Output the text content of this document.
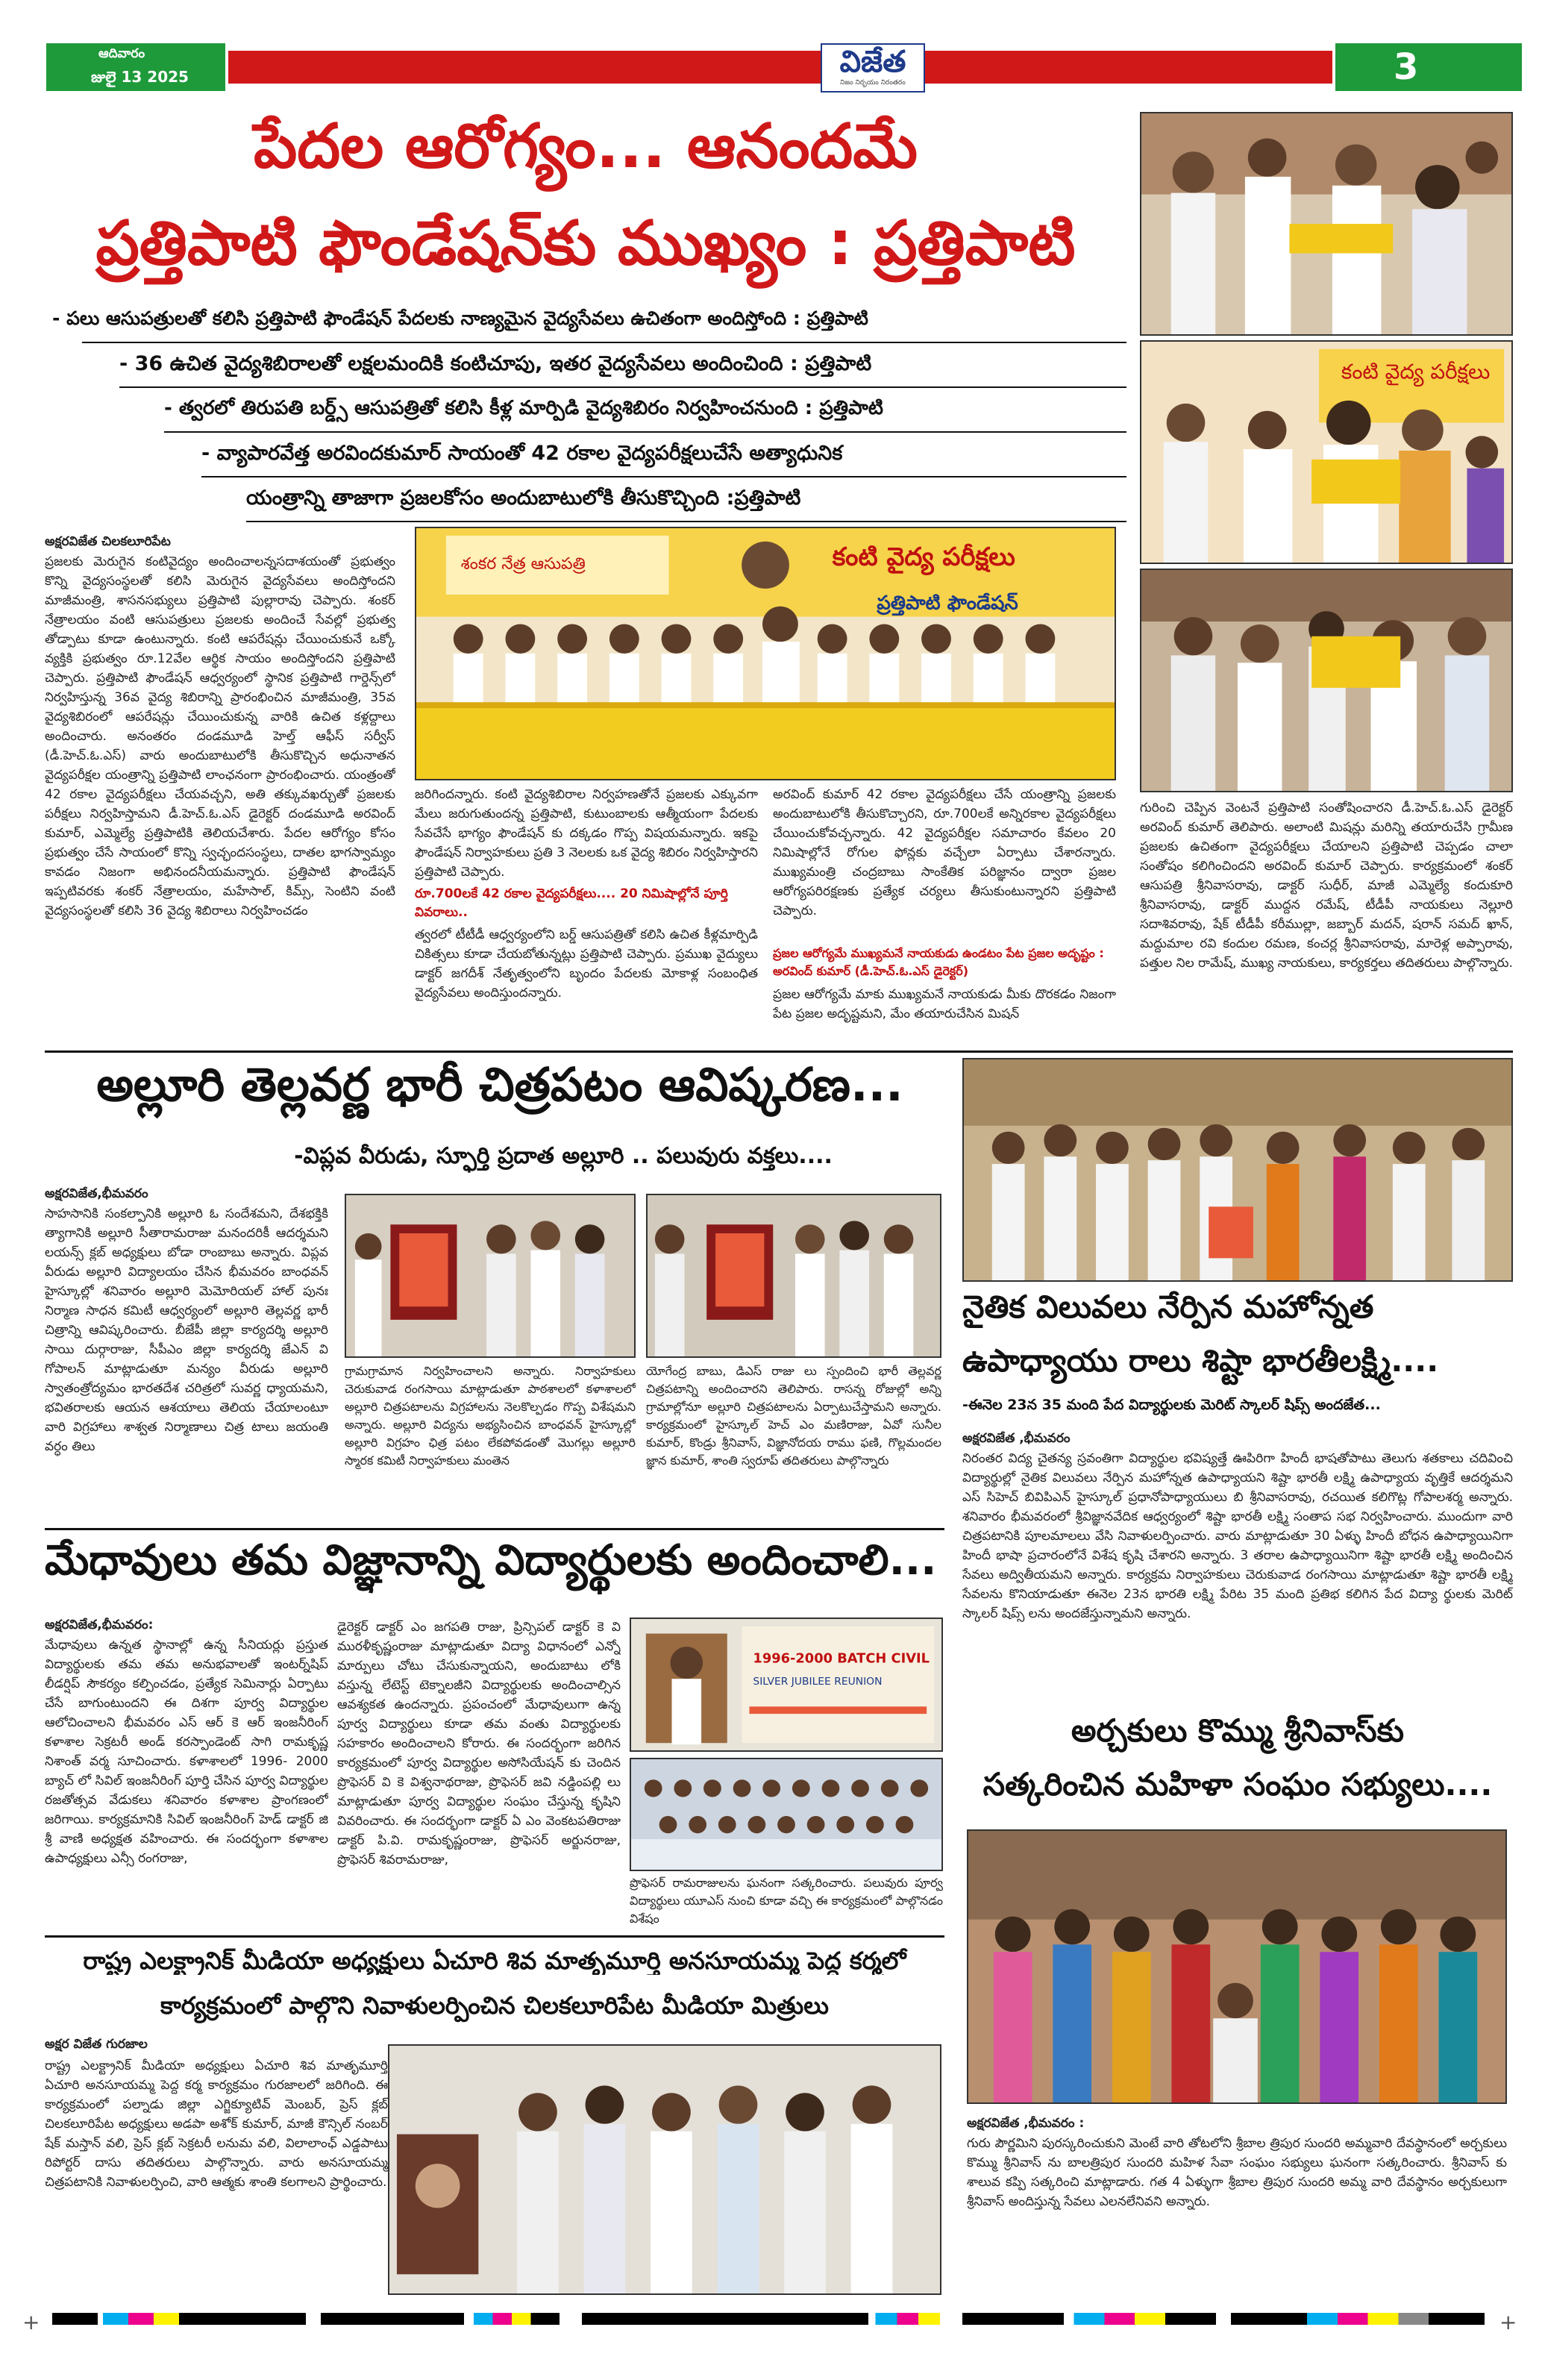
ఆదివారం
జులై 13 2025	విజేత
నిజం నిర్భయం నిరంతరం	3
పేదల ఆరోగ్యం... ఆనందమే
ప్రత్తిపాటి ఫౌండేషన్‌కు ముఖ్యం : ప్రత్తిపాటి
- పలు ఆసుపత్రులతో కలిసి ప్రత్తిపాటి ఫౌండేషన్ పేదలకు నాణ్యమైన వైద్యసేవలు ఉచితంగా అందిస్తోంది : ప్రత్తిపాటి
- 36 ఉచిత వైద్యశిబిరాలతో లక్షలమందికి కంటిచూపు, ఇతర వైద్యసేవలు అందించింది : ప్రత్తిపాటి
- త్వరలో తిరుపతి బర్డ్స్ ఆసుపత్రితో కలిసి కీళ్ల మార్పిడి వైద్యశిబిరం నిర్వహించనుంది : ప్రత్తిపాటి
- వ్యాపారవేత్త అరవిందకుమార్ సాయంతో 42 రకాల వైద్యపరీక్షలుచేసే అత్యాధునిక
యంత్రాన్ని తాజాగా ప్రజలకోసం అందుబాటులోకి తీసుకొచ్చింది :ప్రత్తిపాటి
కంటి వైద్య పరీక్షలు
అక్షరవిజేత చిలకలూరిపేట
ప్రజలకు మెరుగైన కంటివైద్యం అందించాలన్నసదాశయంతో ప్రభుత్వం కొన్ని వైద్యసంస్థలతో కలిసి మెరుగైన వైద్యసేవలు అందిస్తోందని మాజీమంత్రి, శాసనసభ్యులు ప్రత్తిపాటి పుల్లారావు చెప్పారు. శంకర్ నేత్రాలయం వంటి ఆసుపత్రులు ప్రజలకు అందించే సేవల్లో ప్రభుత్వ తోడ్పాటు కూడా ఉంటున్నారు. కంటి ఆపరేషన్లు చేయించుకునే ఒక్కో వ్యక్తికి ప్రభుత్వం రూ.12వేల ఆర్థిక సాయం అందిస్తోందని ప్రత్తిపాటి చెప్పారు. ప్రత్తిపాటి ఫౌండేషన్ ఆధ్వర్యంలో స్థానిక ప్రత్తిపాటి గార్డెన్స్‌లో నిర్వహిస్తున్న 36వ వైద్య శిబిరాన్ని ప్రారంభించిన మాజీమంత్రి, 35వ వైద్యశిబిరంలో ఆపరేషన్లు చేయించుకున్న వారికి ఉచిత కళ్లద్దాలు అందించారు. అనంతరం దండమూడి హెల్త్ ఆఫీస్ సర్వీస్ (డీ.హెచ్.ఓ.ఎస్) వారు అందుబాటులోకి తీసుకొచ్చిన అధునాతన వైద్యపరీక్షల యంత్రాన్ని ప్రత్తిపాటి లాంఛనంగా ప్రారంభించారు. యంత్రంతో 42 రకాల వైద్యపరీక్షలు చేయవచ్చని, అతి తక్కువఖర్చుతో ప్రజలకు పరీక్షలు నిర్వహిస్తామని డీ.హెచ్.ఓ.ఎస్ డైరెక్టర్ దండమూడి అరవింద్ కుమార్, ఎమ్మెల్యే ప్రత్తిపాటికి తెలియచేశారు. పేదల ఆరోగ్యం కోసం ప్రభుత్వం చేసే సాయంలో కొన్ని స్వచ్ఛందసంస్థలు, దాతల భాగస్వామ్యం కావడం నిజంగా అభినందనీయమన్నారు. ప్రత్తిపాటి ఫౌండేషన్ ఇప్పటివరకు శంకర్ నేత్రాలయం, మహేసాల్, కిమ్స్, సెంటిని వంటి వైద్యసంస్థలతో కలిసి 36 వైద్య శిబిరాలు నిర్వహించడం
శంకర నేత్ర ఆసుపత్రి	కంటి వైద్య పరీక్షలు
ప్రత్తిపాటి ఫౌండేషన్
జరిగిందన్నారు. కంటి వైద్యశిబిరాల నిర్వహణతోనే ప్రజలకు ఎక్కువగా మేలు జరుగుతుందన్న ప్రత్తిపాటి, కుటుంబాలకు ఆత్మీయంగా పేదలకు సేవచేసే భాగ్యం ఫౌండేషన్ కు దక్కడం గొప్ప విషయమన్నారు. ఇకపై ఫౌండేషన్ నిర్వాహకులు ప్రతి 3 నెలలకు ఒక వైద్య శిబిరం నిర్వహిస్తారని ప్రత్తిపాటి చెప్పారు.
రూ.700లకే 42 రకాల వైద్యపరీక్షలు.... 20 నిమిషాల్లోనే పూర్తి వివరాలు..
త్వరలో టీటీడీ ఆధ్వర్యంలోని బర్డ్ ఆసుపత్రితో కలిసి ఉచిత కీళ్లమార్పిడి చికిత్సలు కూడా చేయబోతున్నట్లు ప్రత్తిపాటి చెప్పారు. ప్రముఖ వైద్యులు డాక్టర్ జగదీశ్ నేతృత్వంలోని బృందం పేదలకు మోకాళ్ల సంబంధిత వైద్యసేవలు అందిస్తుందన్నారు.
అరవింద్ కుమార్ 42 రకాల వైద్యపరీక్షలు చేసే యంత్రాన్ని ప్రజలకు అందుబాటులోకి తీసుకొచ్చారని, రూ.700లకే అన్నిరకాల వైద్యపరీక్షలు చేయించుకోవచ్చన్నారు. 42 వైద్యపరీక్షల సమాచారం కేవలం 20 నిమిషాల్లోనే రోగుల ఫోన్లకు వచ్చేలా ఏర్పాటు చేశారన్నారు. ముఖ్యమంత్రి చంద్రబాబు సాంకేతిక పరిజ్ఞానం ద్వారా ప్రజల ఆరోగ్యపరిరక్షణకు ప్రత్యేక చర్యలు తీసుకుంటున్నారని ప్రత్తిపాటి చెప్పారు.
ప్రజల ఆరోగ్యమే ముఖ్యమనే నాయకుడు ఉండటం పేట ప్రజల అదృష్టం : అరవింద్ కుమార్ (డీ.హెచ్.ఓ.ఎస్ డైరెక్టర్)
ప్రజల ఆరోగ్యమే మాకు ముఖ్యమనే నాయకుడు మీకు దొరకడం నిజంగా పేట ప్రజల అదృష్టమని, మేం తయారుచేసిన మిషన్
గురించి చెప్పిన వెంటనే ప్రత్తిపాటి సంతోషించారని డీ.హెచ్.ఓ.ఎస్ డైరెక్టర్ అరవింద్ కుమార్ తెలిపారు. అలాంటి మిషన్లు మరిన్ని తయారుచేసి గ్రామీణ ప్రజలకు ఉచితంగా వైద్యపరీక్షలు చేయాలని ప్రత్తిపాటి చెప్పడం చాలా సంతోషం కలిగించిందని అరవింద్ కుమార్ చెప్పారు. కార్యక్రమంలో శంకర్ ఆసుపత్రి శ్రీనివాసరావు, డాక్టర్ సుధీర్, మాజీ ఎమ్మెల్యే కందుకూరి శ్రీనివాసరావు, డాక్టర్ ముద్దన రమేష్, టీడీపీ నాయకులు నెల్లూరి సదాశివరావు, షేక్ టీడీపీ కరీముల్లా, జబ్బార్ మదన్, షరాన్ సమద్ ఖాన్, మద్దుమాల రవి కందుల రమణ, కంచర్ల శ్రీనివాసరావు, మారెళ్ల అప్పారావు, పత్తుల నిల రామేష్, ముఖ్య నాయకులు, కార్యకర్తలు తదితరులు పాల్గొన్నారు.
అల్లూరి తెల్లవర్ణ భారీ చిత్రపటం ఆవిష్కరణ...
-విప్లవ వీరుడు, స్ఫూర్తి ప్రదాత అల్లూరి .. పలువురు వక్తలు....
అక్షరవిజేత,భీమవరం
సాహసానికి సంకల్పానికి అల్లూరి ఓ సందేశమని, దేశభక్తికి త్యాగానికి అల్లూరి సీతారామరాజు మనందరికీ ఆదర్శమని లయన్స్ క్లబ్ అధ్యక్షులు బోడా రాంబాబు అన్నారు. విప్లవ వీరుడు అల్లూరి విద్యాలయం చేసిన భీమవరం బాంధవన్ హైస్కూల్లో శనివారం అల్లూరి మెమోరియల్ హాల్ పునః నిర్మాణ సాధన కమిటీ ఆధ్వర్యంలో అల్లూరి తెల్లవర్ణ భారీ చిత్రాన్ని ఆవిష్కరించారు. బీజేపీ జిల్లా కార్యదర్శి అల్లూరి సాయి దుర్గారాజు, సీపీఎం జిల్లా కార్యదర్శి జేఎన్ వి గోపాలన్ మాట్లాడుతూ మన్యం వీరుడు అల్లూరి స్వాతంత్రోద్యమం భారతదేశ చరిత్రలో సువర్ణ ధ్యాయమని, భవితరాలకు ఆయన ఆశయాలు తెలియ చేయాలంటూ వారి విగ్రహాలు శాశ్వత నిర్మాణాలు చిత్ర టాలు జయంతి వర్ధం తిలు
గ్రామగ్రామాన నిర్వహించాలని అన్నారు. నిర్వాహకులు చెరుకువాడ రంగసాయి మాట్లాడుతూ పాఠశాలలో కళాశాలలో అల్లూరి చిత్రపటాలను విగ్రహాలను నెలకొల్పడం గొప్ప విశేషమని అన్నారు. అల్లూరి విద్యను అభ్యసించిన బాంధవన్ హైస్కూల్లో అల్లూరి విగ్రహం ఛిత్ర పటం లేకపోవడంతో మొగల్లు అల్లూరి స్మారక కమిటీ నిర్వాహకులు మంతెన
యోగేంద్ర బాబు, డిఎస్ రాజు లు స్పందించి భారీ తెల్లవర్ణ చిత్రపటాన్ని అందించారని తెలిపారు. రాసన్న రోజుల్లో అన్ని గ్రామాల్లోనూ అల్లూరి చిత్రపటాలను ఏర్పాటుచేస్తామని అన్నారు. కార్యక్రమంలో హైస్కూల్ హెచ్ ఎం మణిరాజు, ఏవో సునీల కుమార్, కొండ్రు శ్రీనివాస్, విజ్ఞానోదయ రాము ఫణి, గొల్లమందల జ్ఞాన కుమార్, శాంతి స్వరూప్ తదితరులు పాల్గొన్నారు
నైతిక విలువలు నేర్పిన మహోన్నత
ఉపాధ్యాయు రాలు శిష్టా భారతీలక్ష్మి....
-ఈనెల 23న 35 మంది పేద విద్యార్థులకు మెరిట్ స్కాలర్ షిప్స్ అందజేత...
అక్షరవిజేత ,భీమవరం
నిరంతర విద్య చైతన్య స్రవంతిగా విద్యార్థుల భవిష్యత్తే ఊపిరిగా హిందీ భాషతోపాటు తెలుగు శతకాలు చదివించి విద్యార్థుల్లో నైతిక విలువలు నేర్పిన మహోన్నత ఉపాధ్యాయని శిష్టా భారతీ లక్ష్మి ఉపాధ్యాయ వృత్తికే ఆదర్శమని ఎస్ సిహెచ్ బివిపిఎన్ హైస్కూల్ ప్రధానోపాధ్యాయులు బి శ్రీనివాసరావు, రచయిత కలిగొట్ల గోపాలశర్మ అన్నారు. శనివారం భీమవరంలో శ్రీవిజ్ఞానవేదిక ఆధ్వర్యంలో శిష్టా భారతీ లక్ష్మి సంతాప సభ నిర్వహించారు. ముందుగా వారి చిత్రపటానికి పూలమాలలు వేసి నివాళులర్పించారు. వారు మాట్లాడుతూ 30 ఏళ్ళు హిందీ బోధన ఉపాధ్యాయినిగా హిందీ భాషా ప్రచారంలోనే విశేష కృషి చేశారని అన్నారు. 3 తరాల ఉపాధ్యాయినిగా శిష్టా భారతీ లక్ష్మి అందించిన సేవలు అద్వితీయమని అన్నారు. కార్యక్రమ నిర్వాహకులు చెరుకువాడ రంగసాయి మాట్లాడుతూ శిష్టా భారతీ లక్ష్మి సేవలను కొనియాడుతూ ఈనెల 23న భారతి లక్ష్మి పేరిట 35 మంది ప్రతిభ కలిగిన పేద విద్యా ర్థులకు మెరిట్ స్కాలర్ షిప్స్ లను అందజేస్తున్నామని అన్నారు.
మేధావులు తమ విజ్ఞానాన్ని విద్యార్థులకు అందించాలి...
అక్షరవిజేత,భీమవరం:
మేధావులు ఉన్నత స్థానాల్లో ఉన్న సీనియర్లు ప్రస్తుత విద్యార్థులకు తమ తమ అనుభవాలతో ఇంటర్న్‌షిప్ లీడర్షిప్ సౌకర్యం కల్పించడం, ప్రత్యేక సెమినార్లు ఏర్పాటు చేసే బాగుంటుందని ఈ దిశగా పూర్వ విద్యార్థుల ఆలోచించాలని భీమవరం ఎస్ ఆర్ కె ఆర్ ఇంజనీరింగ్ కళాశాల సెక్రటరీ అండ్ కరస్పాండెంట్ సాగి రామకృష్ణ నిశాంత్ వర్మ సూచించారు. కళాశాలలో 1996- 2000 బ్యాచ్ లో సివిల్ ఇంజనీరింగ్ పూర్తి చేసిన పూర్వ విద్యార్థుల రజతోత్సవ వేడుకలు శనివారం కళాశాల ప్రాంగణంలో జరిగాయి. కార్యక్రమానికి సివిల్ ఇంజనీరింగ్ హెడ్ డాక్టర్ జి శ్రీ వాణి అధ్యక్షత వహించారు. ఈ సందర్భంగా కళాశాల ఉపాధ్యక్షులు ఎన్సీ రంగరాజు,
డైరెక్టర్ డాక్టర్ ఎం జగపతి రాజు, ప్రిన్సిపల్ డాక్టర్ కె వి మురళీకృష్ణంరాజు మాట్లాడుతూ విద్యా విధానంలో ఎన్నో మార్పులు చోటు చేసుకున్నాయని, అందుబాటు లోకి వస్తున్న లేటెస్ట్ టెక్నాలజీని విద్యార్థులకు అందించాల్సిన ఆవశ్యకత ఉందన్నారు. ప్రపంచంలో మేధావులుగా ఉన్న పూర్వ విద్యార్థులు కూడా తమ వంతు విద్యార్థులకు సహకారం అందించాలని కోరారు. ఈ సందర్భంగా జరిగిన కార్యక్రమంలో పూర్వ విద్యార్థుల అసోసియేషన్ కు చెందిన ప్రొఫెసర్ వి కె విశ్వనాథరాజు, ప్రొఫెసర్ జవి నడ్డింపల్లి లు మాట్లాడుతూ పూర్వ విద్యార్థుల సంఘం చేస్తున్న కృషిని వివరించారు. ఈ సందర్భంగా డాక్టర్ ఏ ఎం వెంకటపతిరాజు డాక్టర్ పి.వి. రామకృష్ణంరాజు, ప్రొఫెసర్ అర్జునరాజు, ప్రొఫెసర్ శివరామరాజు,
1996-2000 BATCH CIVIL
SILVER JUBILEE REUNION
ప్రొఫెసర్ రామరాజులను ఘనంగా సత్కరించారు. పలువురు పూర్వ విద్యార్థులు యూఎస్ నుంచి కూడా వచ్చి ఈ కార్యక్రమంలో పాల్గొనడం విశేషం
అర్చకులు కొమ్ము శ్రీనివాస్‌కు
సత్కరించిన మహిళా సంఘం సభ్యులు....
అక్షరవిజేత ,భీమవరం :
గురు పౌర్ణమిని పురస్కరించుకుని మెంటే వారి తోటలోని శ్రీబాల త్రిపుర సుందరి అమ్మవారి దేవస్థానంలో అర్చకులు కొమ్ము శ్రీనివాస్ ను బాలత్రిపుర సుందరి మహిళ సేవా సంఘం సభ్యులు ఘనంగా సత్కరించారు. శ్రీనివాస్ కు శాలువ కప్పి సత్కరించి మాట్లాడారు. గత 4 ఏళ్ళుగా శ్రీబాల త్రిపుర సుందరి అమ్మ వారి దేవస్థానం అర్చకులుగా శ్రీనివాస్ అందిస్తున్న సేవలు ఎలనలేనివని అన్నారు.
రాష్ట్ర ఎలక్ట్రానిక్ మీడియా అధ్యక్షులు ఏచూరి శివ మాతృమూర్తి అనసూయమ్మ పెద్ద కర్మలో
కార్యక్రమంలో పాల్గొని నివాళులర్పించిన చిలకలూరిపేట మీడియా మిత్రులు
అక్షర విజేత గురజాల
రాష్ట్ర ఎలక్ట్రానిక్ మీడియా అధ్యక్షులు ఏచూరి శివ మాతృమూర్తి ఏచూరి అనసూయమ్మ పెద్ద కర్మ కార్యక్రమం గురజాలలో జరిగింది. ఈ కార్యక్రమంలో పల్నాడు జిల్లా ఎగ్జిక్యూటివ్ మెంబర్, ప్రెస్ క్లబ్ చిలకలూరిపేట అధ్యక్షులు అడపా అశోక్ కుమార్, మాజీ కౌన్సిల్ నంబర్ షేక్ మస్తాన్ వలి, ప్రెస్ క్లబ్ సెక్రటరీ లనుమ వలి, విలాలాంఛ్ ఎడ్డపాటు రిపోర్టర్ దాసు తదితరులు పాల్గొన్నారు. వారు అనసూయమ్మ చిత్రపటానికి నివాళులర్పించి, వారి ఆత్మకు శాంతి కలగాలని ప్రార్థించారు.
+	+
